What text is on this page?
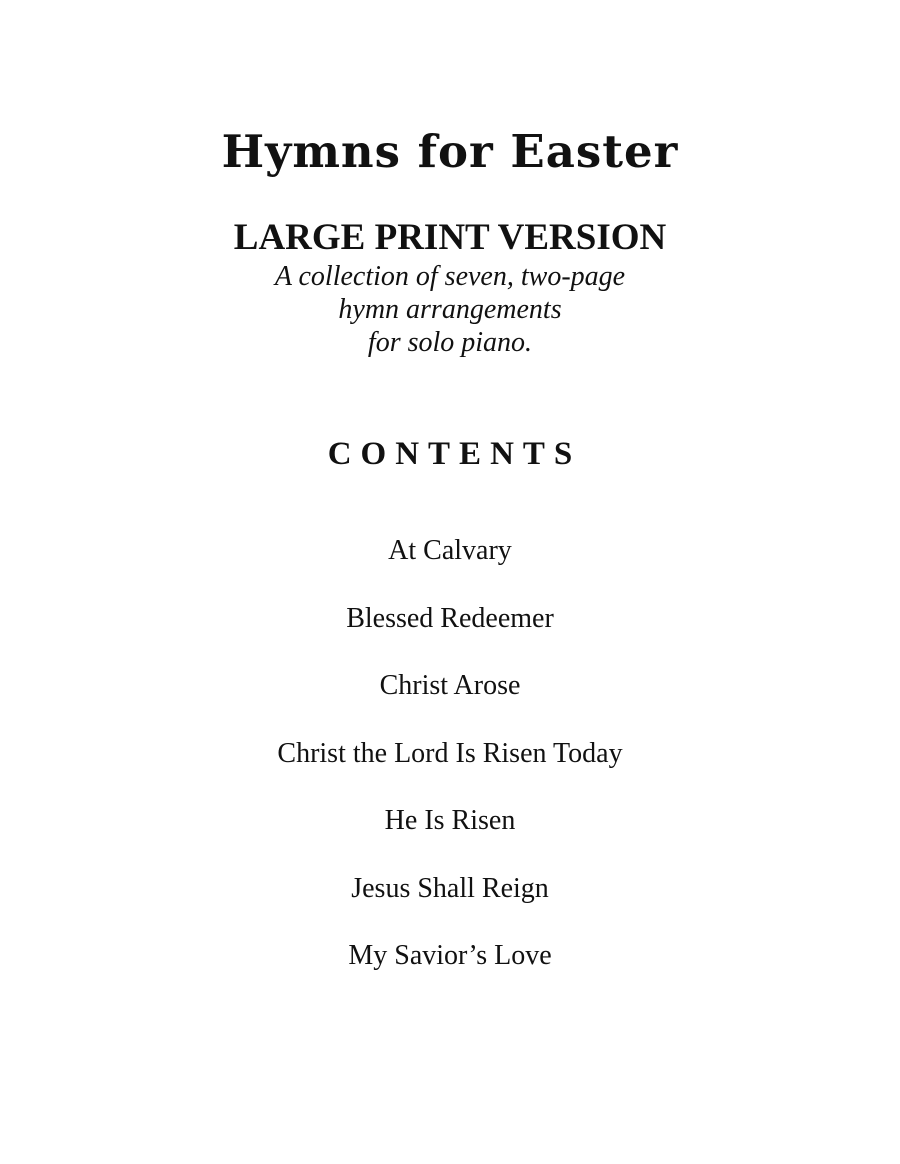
Hymns for Easter
LARGE PRINT VERSION
A collection of seven, two-page
hymn arrangements
for solo piano.
CONTENTS
At Calvary
Blessed Redeemer
Christ Arose
Christ the Lord Is Risen Today
He Is Risen
Jesus Shall Reign
My Savior’s Love
